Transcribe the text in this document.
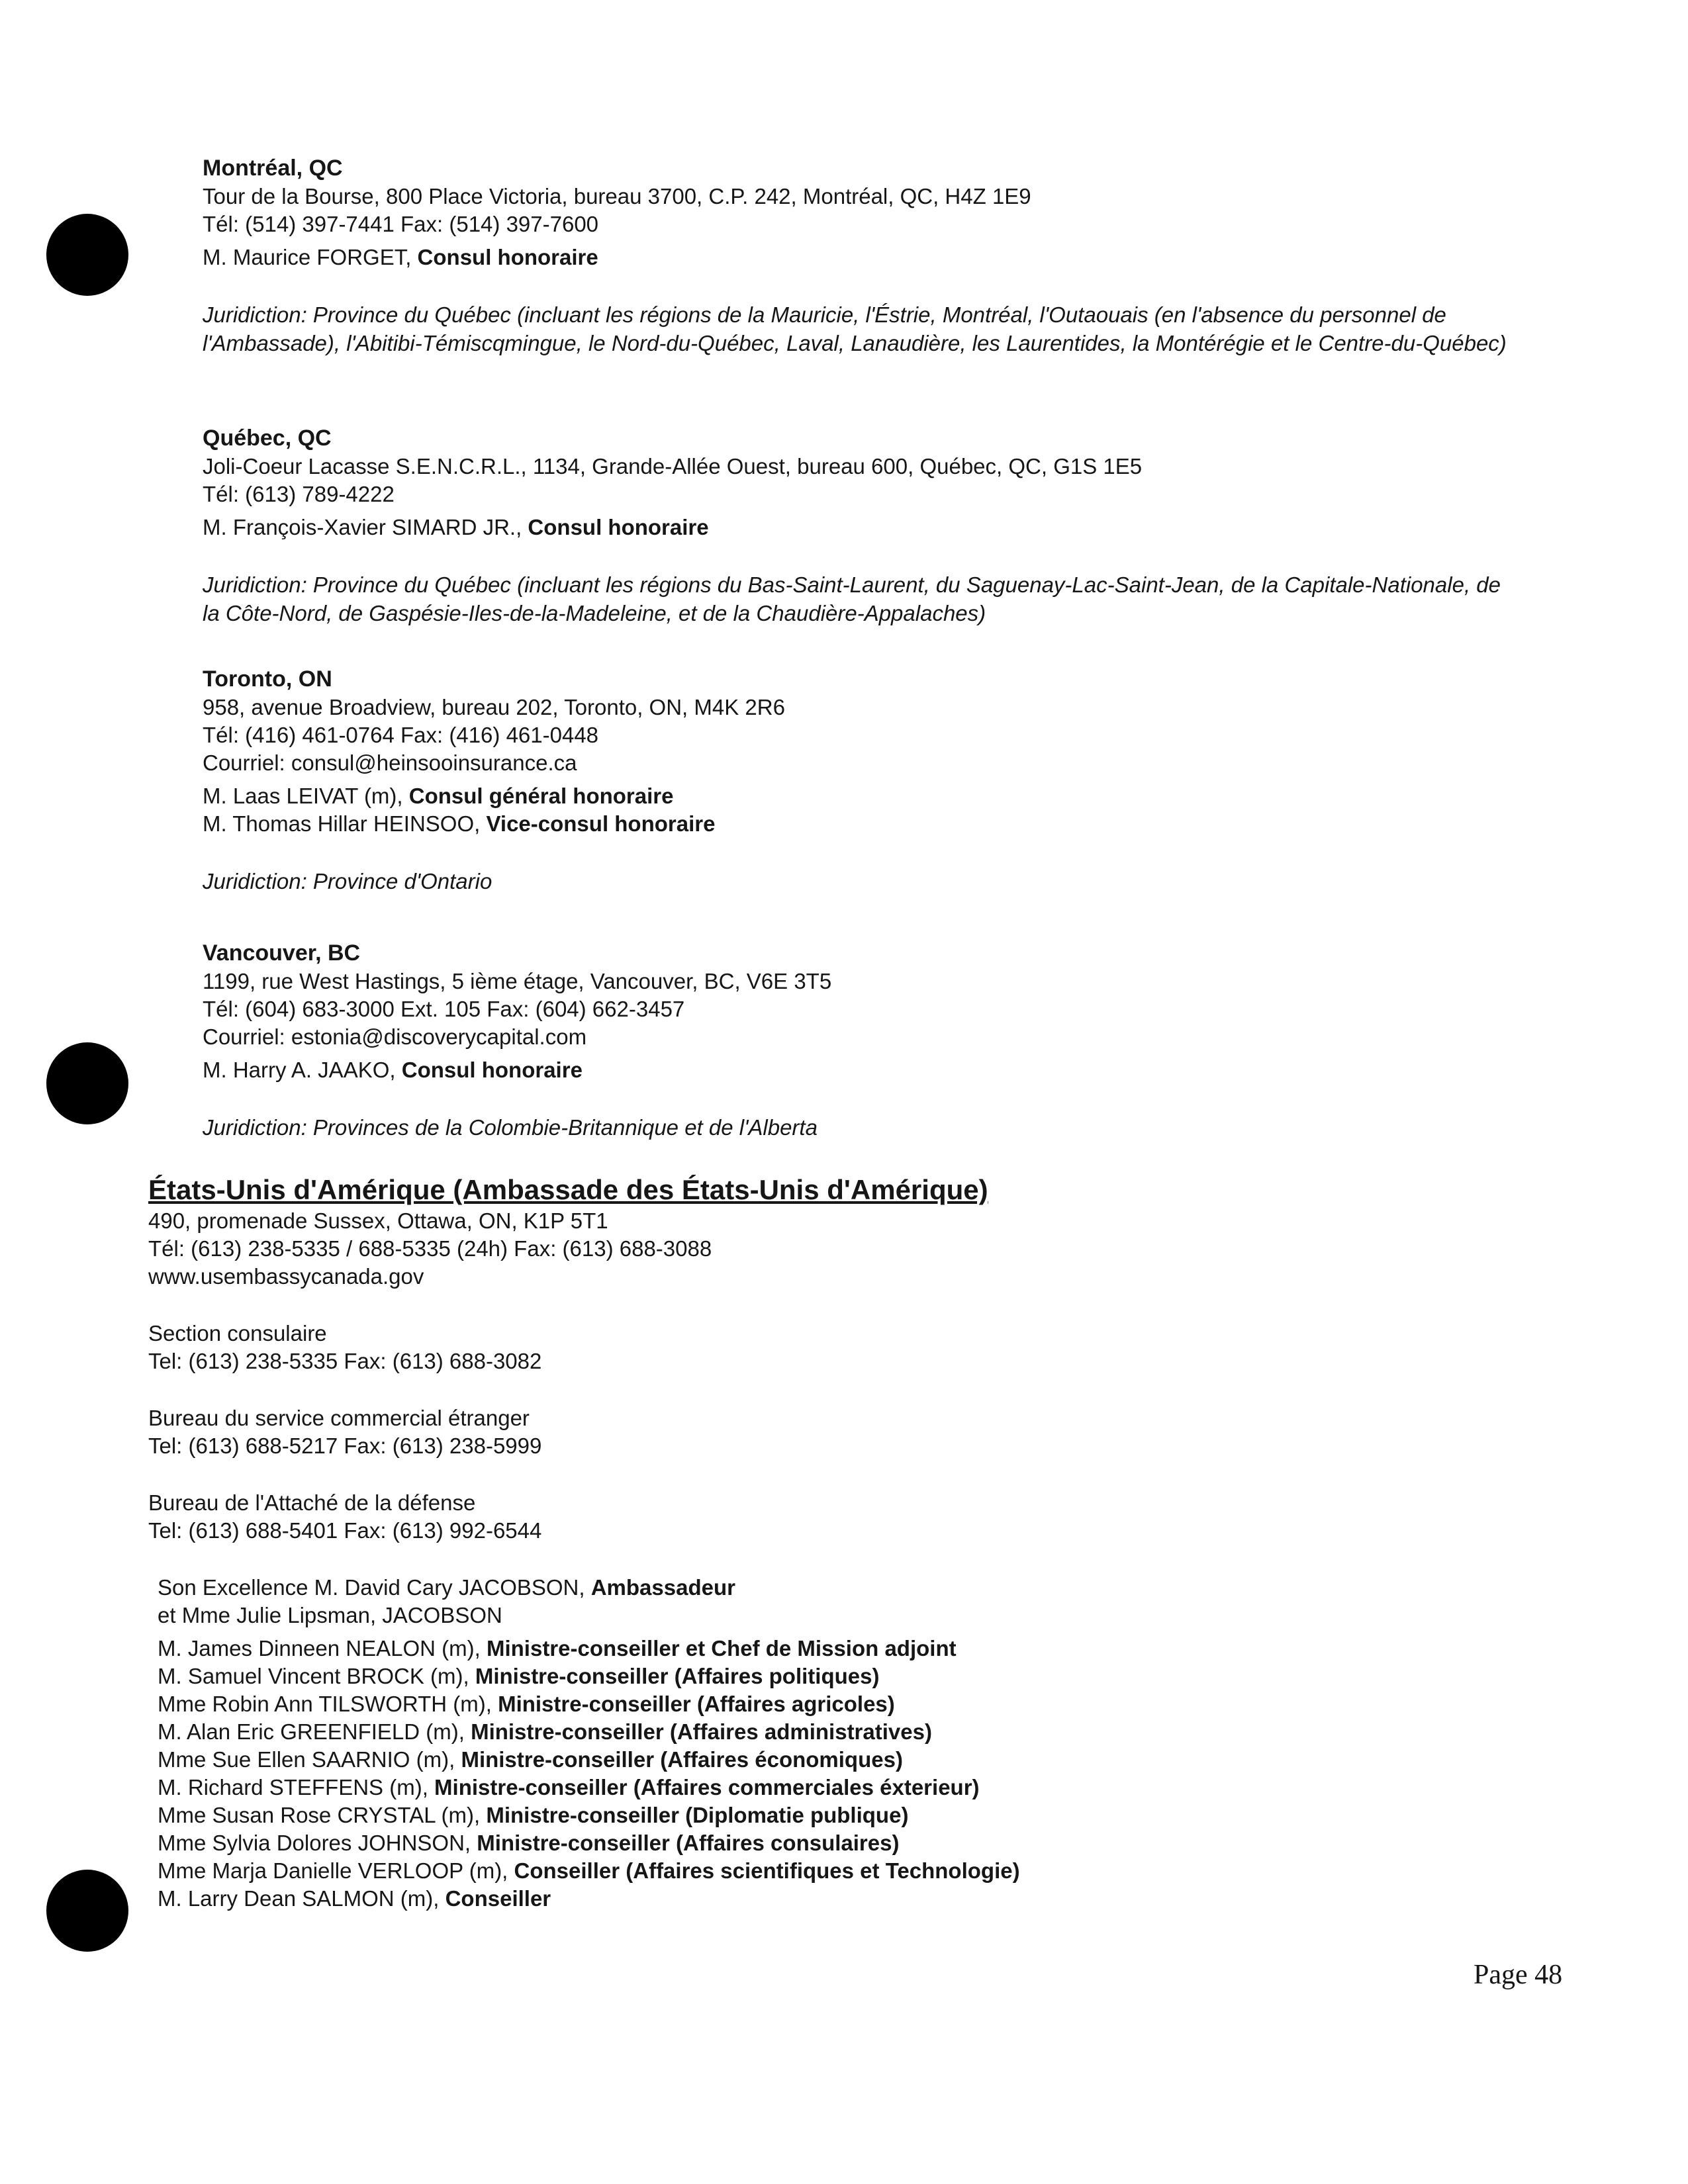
Montréal, QC
Tour de la Bourse, 800 Place Victoria, bureau 3700, C.P. 242, Montréal, QC, H4Z 1E9
Tél: (514) 397-7441 Fax: (514) 397-7600
M. Maurice FORGET, Consul honoraire
Juridiction: Province du Québec (incluant les régions de la Mauricie, l'Éstrie, Montréal, l'Outaouais (en l'absence du personnel de l'Ambassade), l'Abitibi-Témiscqmingue, le Nord-du-Québec, Laval, Lanaudière, les Laurentides, la Montérégie et le Centre-du-Québec)
Québec, QC
Joli-Coeur Lacasse S.E.N.C.R.L., 1134, Grande-Allée Ouest, bureau 600, Québec, QC, G1S 1E5
Tél: (613) 789-4222
M. François-Xavier SIMARD JR., Consul honoraire
Juridiction: Province du Québec (incluant les régions du Bas-Saint-Laurent, du Saguenay-Lac-Saint-Jean, de la Capitale-Nationale, de la Côte-Nord, de Gaspésie-Iles-de-la-Madeleine, et de la Chaudière-Appalaches)
Toronto, ON
958, avenue Broadview, bureau 202, Toronto, ON, M4K 2R6
Tél: (416) 461-0764 Fax: (416) 461-0448
Courriel: consul@heinsooinsurance.ca
M. Laas LEIVAT (m), Consul général honoraire
M. Thomas Hillar HEINSOO, Vice-consul honoraire
Juridiction: Province d'Ontario
Vancouver, BC
1199, rue West Hastings, 5 ième étage, Vancouver, BC, V6E 3T5
Tél: (604) 683-3000 Ext. 105 Fax: (604) 662-3457
Courriel: estonia@discoverycapital.com
M. Harry A. JAAKO, Consul honoraire
Juridiction: Provinces de la Colombie-Britannique et de l'Alberta
États-Unis d'Amérique (Ambassade des États-Unis d'Amérique)
490, promenade Sussex, Ottawa, ON, K1P 5T1
Tél: (613) 238-5335 / 688-5335 (24h) Fax: (613) 688-3088
www.usembassycanada.gov
Section consulaire
Tel: (613) 238-5335 Fax: (613) 688-3082
Bureau du service commercial étranger
Tel: (613) 688-5217 Fax: (613) 238-5999
Bureau de l'Attaché de la défense
Tel: (613) 688-5401 Fax: (613) 992-6544
Son Excellence M. David Cary JACOBSON, Ambassadeur
et Mme Julie Lipsman, JACOBSON
M. James Dinneen NEALON (m), Ministre-conseiller et Chef de Mission adjoint
M. Samuel Vincent BROCK (m), Ministre-conseiller (Affaires politiques)
Mme Robin Ann TILSWORTH (m), Ministre-conseiller (Affaires agricoles)
M. Alan Eric GREENFIELD (m), Ministre-conseiller (Affaires administratives)
Mme Sue Ellen SAARNIO (m), Ministre-conseiller (Affaires économiques)
M. Richard STEFFENS (m), Ministre-conseiller (Affaires commerciales éxterieur)
Mme Susan Rose CRYSTAL (m), Ministre-conseiller (Diplomatie publique)
Mme Sylvia Dolores JOHNSON, Ministre-conseiller (Affaires consulaires)
Mme Marja Danielle VERLOOP (m), Conseiller (Affaires scientifiques et Technologie)
M. Larry Dean SALMON (m), Conseiller
Page 48
